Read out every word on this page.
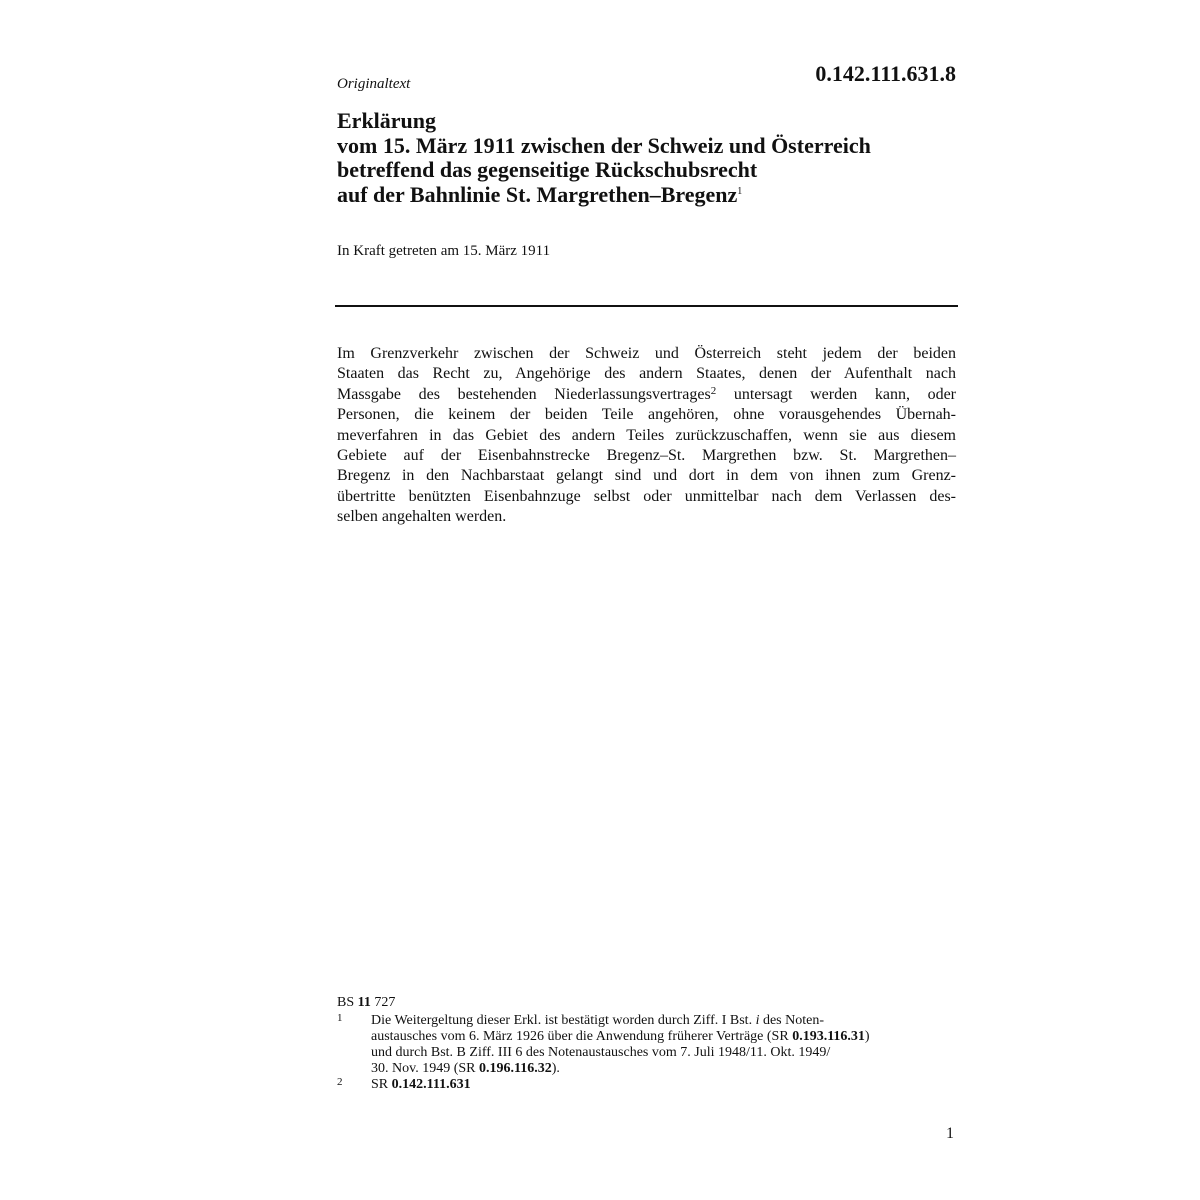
0.142.111.631.8
Originaltext
Erklärung
vom 15. März 1911 zwischen der Schweiz und Österreich
betreffend das gegenseitige Rückschubsrecht
auf der Bahnlinie St. Margrethen–Bregenz$^1$
In Kraft getreten am 15. März 1911
Im Grenzverkehr zwischen der Schweiz und Österreich steht jedem der beiden
Staaten das Recht zu, Angehörige des andern Staates, denen der Aufenthalt nach
Massgabe des bestehenden Niederlassungsvertrages$^2$ untersagt werden kann, oder
Personen, die keinem der beiden Teile angehören, ohne vorausgehendes Übernah-
meverfahren in das Gebiet des andern Teiles zurückzuschaffen, wenn sie aus diesem
Gebiete auf der Eisenbahnstrecke Bregenz–St. Margrethen bzw. St. Margrethen–
Bregenz in den Nachbarstaat gelangt sind und dort in dem von ihnen zum Grenz-
übertritte benützten Eisenbahnzuge selbst oder unmittelbar nach dem Verlassen des-
selben angehalten werden.
BS 11 727
1 Die Weitergeltung dieser Erkl. ist bestätigt worden durch Ziff. I Bst. i des Noten-
austausches vom 6. März 1926 über die Anwendung früherer Verträge (SR 0.193.116.31)
und durch Bst. B Ziff. III 6 des Notenaustausches vom 7. Juli 1948/11. Okt. 1949/
30. Nov. 1949 (SR 0.196.116.32).
2 SR 0.142.111.631
1
